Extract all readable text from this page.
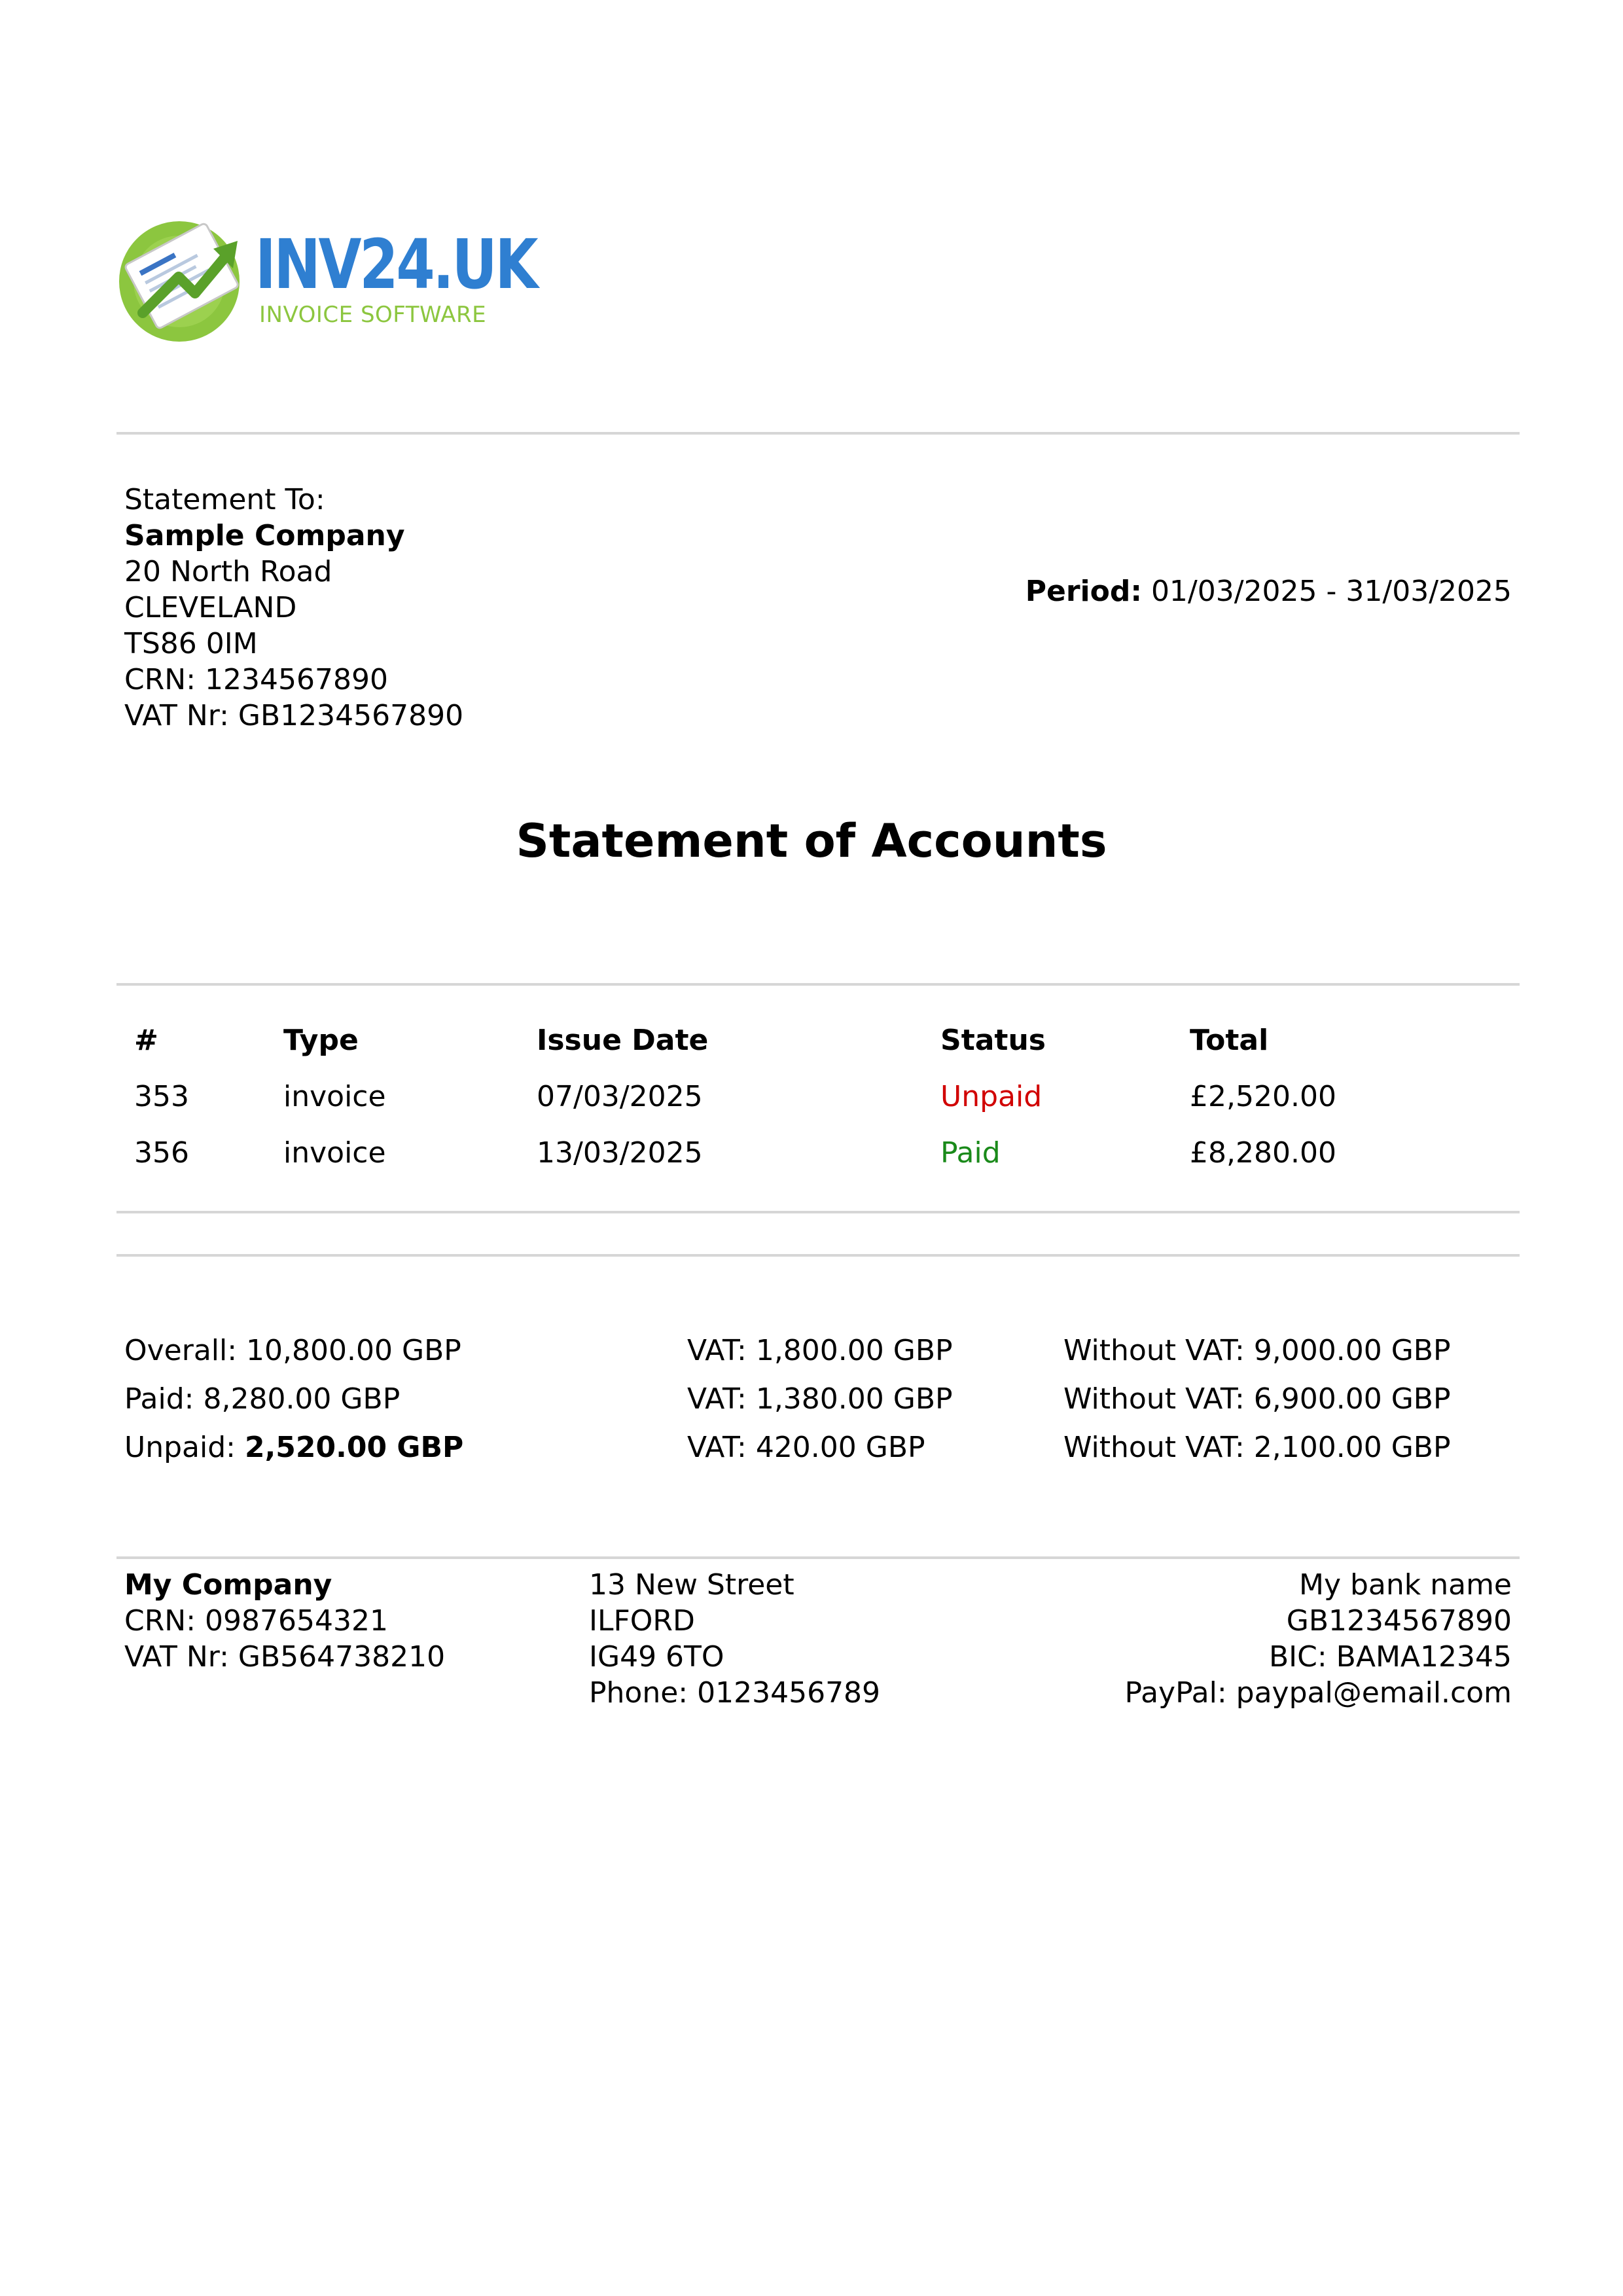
INV24.UK
INVOICE SOFTWARE
Statement To:
Sample Company
20 North Road
CLEVELAND
TS86 0IM
CRN: 1234567890
VAT Nr: GB1234567890
Period: 01/03/2025 - 31/03/2025
Statement of Accounts
#	Type	Issue Date	Status	Total
353	invoice	07/03/2025	Unpaid	£2,520.00
356	invoice	13/03/2025	Paid	£8,280.00
Overall: 10,800.00 GBP	VAT: 1,800.00 GBP	Without VAT: 9,000.00 GBP
Paid: 8,280.00 GBP	VAT: 1,380.00 GBP	Without VAT: 6,900.00 GBP
Unpaid: 2,520.00 GBP	VAT: 420.00 GBP	Without VAT: 2,100.00 GBP
My Company
CRN: 0987654321
VAT Nr: GB564738210
13 New Street
ILFORD
IG49 6TO
Phone: 0123456789
My bank name
GB1234567890
BIC: BAMA12345
PayPal: paypal@email.com
